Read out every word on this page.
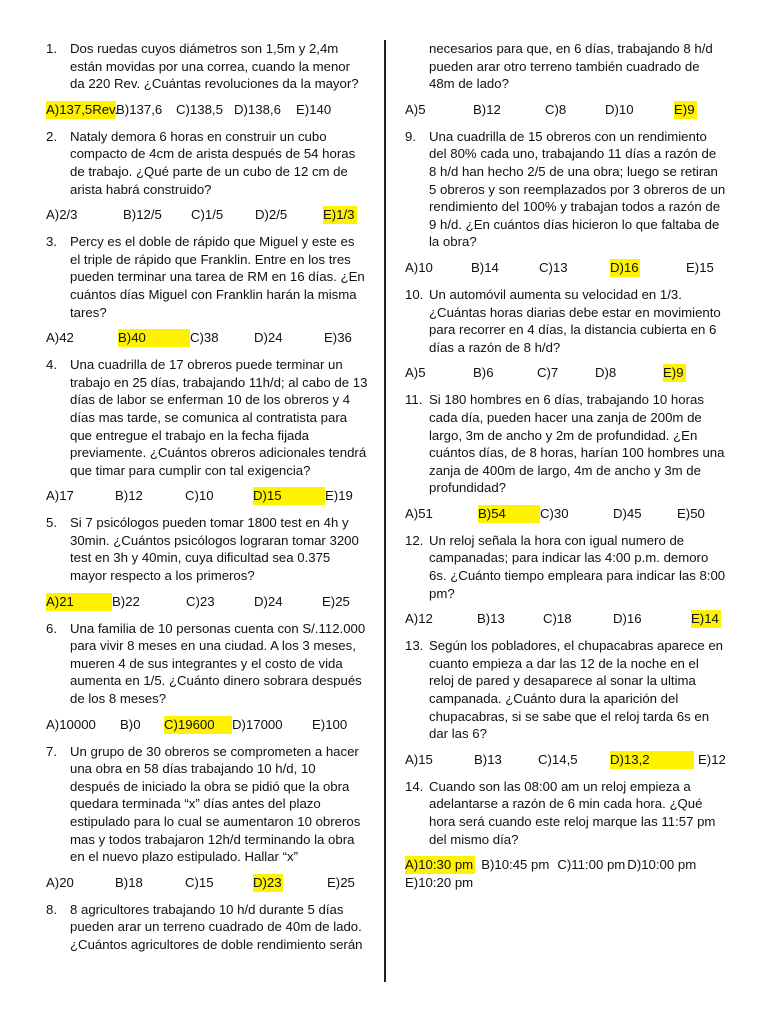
1. Dos ruedas cuyos diámetros son 1,5m y 2,4m están movidas por una correa, cuando la menor da 220 Rev. ¿Cuántas revoluciones da la mayor?
A)137,5Rev.
B)137,6	C)138,5 D)138,6	E)140
2. Nataly demora 6 horas en construir un cubo compacto de 4cm de arista después de 54 horas de trabajo. ¿Qué parte de un cubo de 12 cm de arista habrá construido?
A)2/3	B)12/5	C)1/5	D)2/5	E)1/3
3. Percy es el doble de rápido que Miguel y este es el triple de rápido que Franklin. Entre en los tres pueden terminar una tarea de RM en 16 días. ¿En cuántos días Miguel con Franklin harán la misma tares?
A)42	B)40	C)38	D)24	E)36
4. Una cuadrilla de 17 obreros puede terminar un trabajo en 25 días, trabajando 11h/d; al cabo de 13 días de labor se enferman 10 de los obreros y 4 días mas tarde, se comunica al contratista para que entregue el trabajo en la fecha fijada previamente. ¿Cuántos obreros adicionales tendrá que timar para cumplir con tal exigencia?
A)17	B)12	C)10	D)15	E)19
5. Si 7 psicólogos pueden tomar 1800 test en 4h y 30min. ¿Cuántos psicólogos lograran tomar 3200 test en 3h y 40min, cuya dificultad sea 0.375 mayor respecto a los primeros?
A)21	B)22	C)23	D)24	E)25
6. Una familia de 10 personas cuenta con S/.112.000 para vivir 8 meses en una ciudad. A los 3 meses, mueren 4 de sus integrantes y el costo de vida aumenta en 1/5. ¿Cuánto dinero sobrara después de los 8 meses?
A)10000	B)0	C)19600	D)17000	E)100
7. Un grupo de 30 obreros se comprometen a hacer una obra en 58 días trabajando 10 h/d, 10 después de iniciado la obra se pidió que la obra quedara terminada “x” días antes del plazo estipulado para lo cual se aumentaron 10 obreros mas y todos trabajaron 12h/d terminando la obra en el nuevo plazo estipulado. Hallar “x”
A)20	B)18	C)15	D)23	E)25
8. 8 agricultores trabajando 10 h/d durante 5 días pueden arar un terreno cuadrado de 40m de lado. ¿Cuántos agricultores de doble rendimiento serán
necesarios para que, en 6 días, trabajando 8 h/d pueden arar otro terreno también cuadrado de 48m de lado?
A)5	B)12	C)8	D)10	E)9
9. Una cuadrilla de 15 obreros con un rendimiento del 80% cada uno, trabajando 11 días a razón de 8 h/d han hecho 2/5 de una obra; luego se retiran 5 obreros y son reemplazados por 3 obreros de un rendimiento del 100% y trabajan todos a razón de 9 h/d. ¿En cuántos días hicieron lo que faltaba de la obra?
A)10	B)14	C)13	D)16	E)15
10. Un automóvil aumenta su velocidad en 1/3. ¿Cuántas horas diarias debe estar en movimiento para recorrer en 4 días, la distancia cubierta en 6 días a razón de 8 h/d?
A)5	B)6	C)7	D)8	E)9
11. Si 180 hombres en 6 días, trabajando 10 horas cada día, pueden hacer una zanja de 200m de largo, 3m de ancho y 2m de profundidad. ¿En cuántos días, de 8 horas, harían 100 hombres una zanja de 400m de largo, 4m de ancho y 3m de profundidad?
A)51	B)54	C)30	D)45	E)50
12. Un reloj señala la hora con igual numero de campanadas; para indicar las 4:00 p.m. demoro 6s. ¿Cuánto tiempo empleara para indicar las 8:00 pm?
A)12	B)13	C)18	D)16	E)14
13. Según los pobladores, el chupacabras aparece en cuanto empieza a dar las 12 de la noche en el reloj de pared y desaparece al sonar la ultima campanada. ¿Cuánto dura la aparición del chupacabras, si se sabe que el reloj tarda 6s en dar las 6?
A)15	B)13	C)14,5	D)13,2	E)12
14. Cuando son las 08:00 am un reloj empieza a adelantarse a razón de 6 min cada hora. ¿Qué hora será cuando este reloj marque las 11:57 pm del mismo día?
A)10:30 pm B)10:45 pm C)11:00 pm D)10:00 pm
E)10:20 pm
